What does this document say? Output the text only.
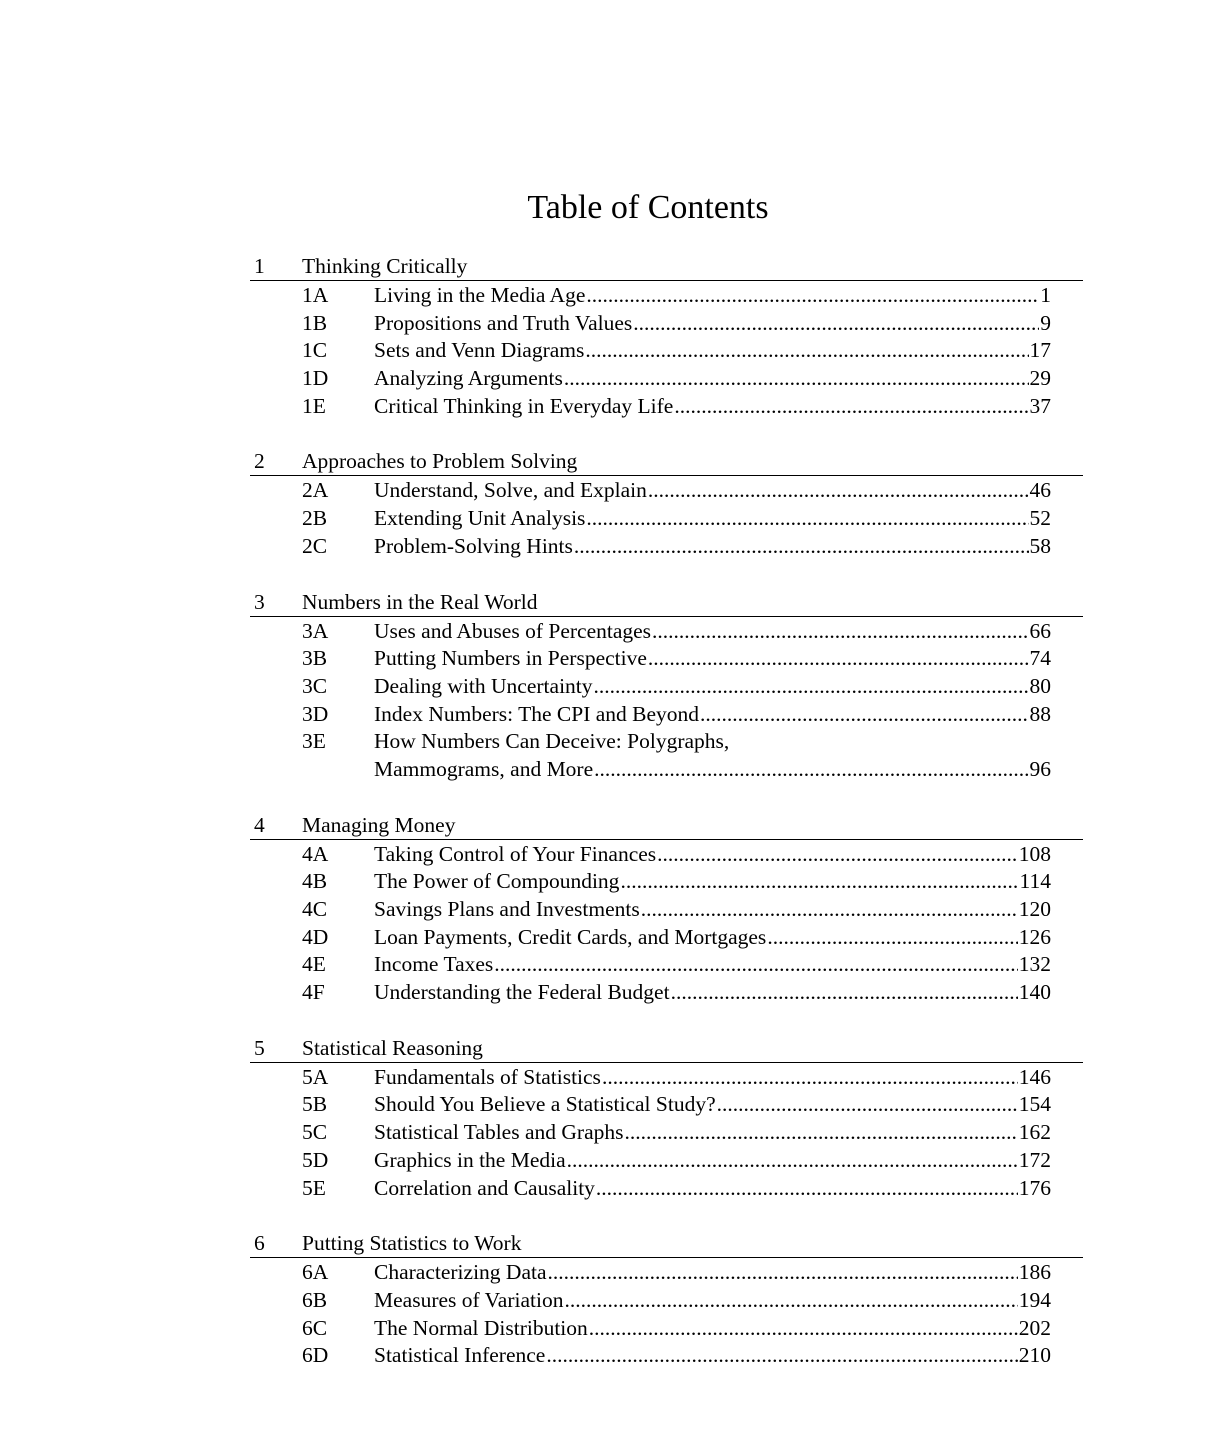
Table of Contents
1 Thinking Critically
1A Living in the Media Age .....	1
1B Propositions and Truth Values .....	9
1C Sets and Venn Diagrams .....	17
1D Analyzing Arguments .....	29
1E Critical Thinking in Everyday Life .....	37
2 Approaches to Problem Solving
2A Understand, Solve, and Explain .....	46
2B Extending Unit Analysis .....	52
2C Problem-Solving Hints .....	58
3 Numbers in the Real World
3A Uses and Abuses of Percentages .....	66
3B Putting Numbers in Perspective .....	74
3C Dealing with Uncertainty .....	80
3D Index Numbers: The CPI and Beyond .....	88
3E How Numbers Can Deceive: Polygraphs,
Mammograms, and More .....	96
4 Managing Money
4A Taking Control of Your Finances .....	108
4B The Power of Compounding .....	114
4C Savings Plans and Investments .....	120
4D Loan Payments, Credit Cards, and Mortgages .....	126
4E Income Taxes .....	132
4F Understanding the Federal Budget .....	140
5 Statistical Reasoning
5A Fundamentals of Statistics .....	146
5B Should You Believe a Statistical Study? .....	154
5C Statistical Tables and Graphs .....	162
5D Graphics in the Media .....	172
5E Correlation and Causality .....	176
6 Putting Statistics to Work
6A Characterizing Data .....	186
6B Measures of Variation .....	194
6C The Normal Distribution .....	202
6D Statistical Inference .....	210
